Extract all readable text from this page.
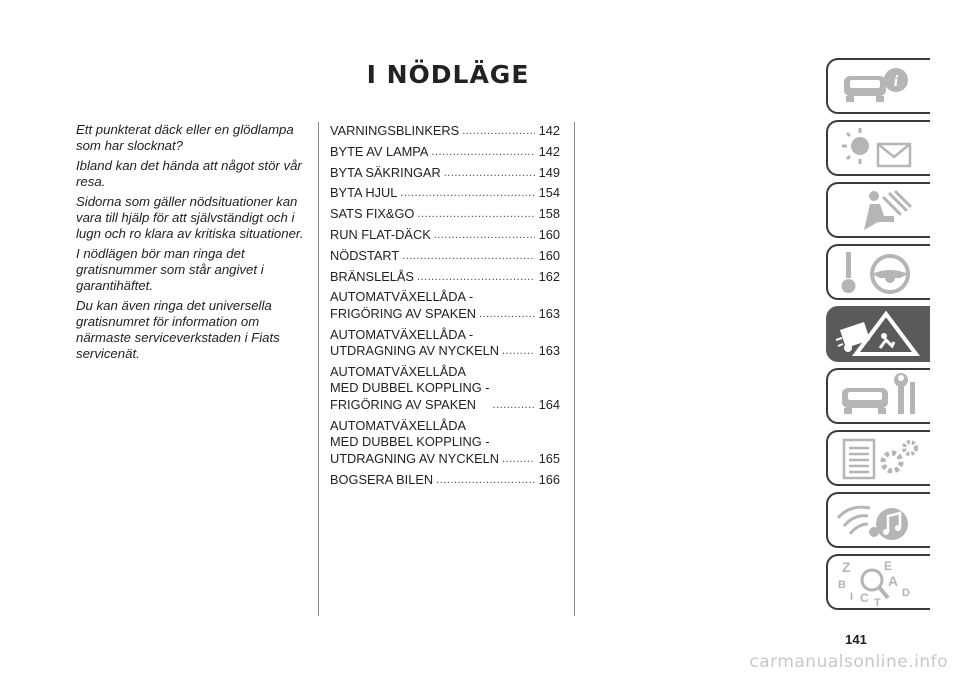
I NÖDLÄGE

Ett punkterat däck eller en glödlampa som har slocknat?

Ibland kan det hända att något stör vår resa.

Sidorna som gäller nödsituationer kan vara till hjälp för att självständigt och i lugn och ro klara av kritiska situationer.

I nödlägen bör man ringa det gratisnummer som står angivet i garantihäftet.

Du kan även ringa det universella gratisnumret för information om närmaste serviceverkstaden i Fiats servicenät.

VARNINGSBLINKERS .....	142
BYTE AV LAMPA .....	142
BYTA SÄKRINGAR .....	149
BYTA HJUL .....	154
SATS FIX&GO .....	158
RUN FLAT-DÄCK .....	160
NÖDSTART .....	160
BRÄNSLELÅS .....	162
AUTOMATVÄXELLÅDA -
FRIGÖRING AV SPAKEN .....	163
AUTOMATVÄXELLÅDA -
UTDRAGNING AV NYCKELN .....	163
AUTOMATVÄXELLÅDA
MED DUBBEL KOPPLING -
FRIGÖRING AV SPAKEN .....	164
AUTOMATVÄXELLÅDA
MED DUBBEL KOPPLING -
UTDRAGNING AV NYCKELN .....	165
BOGSERA BILEN .....	166
i
Z	E
A
B
D
I C T
141
carmanualsonline.info
